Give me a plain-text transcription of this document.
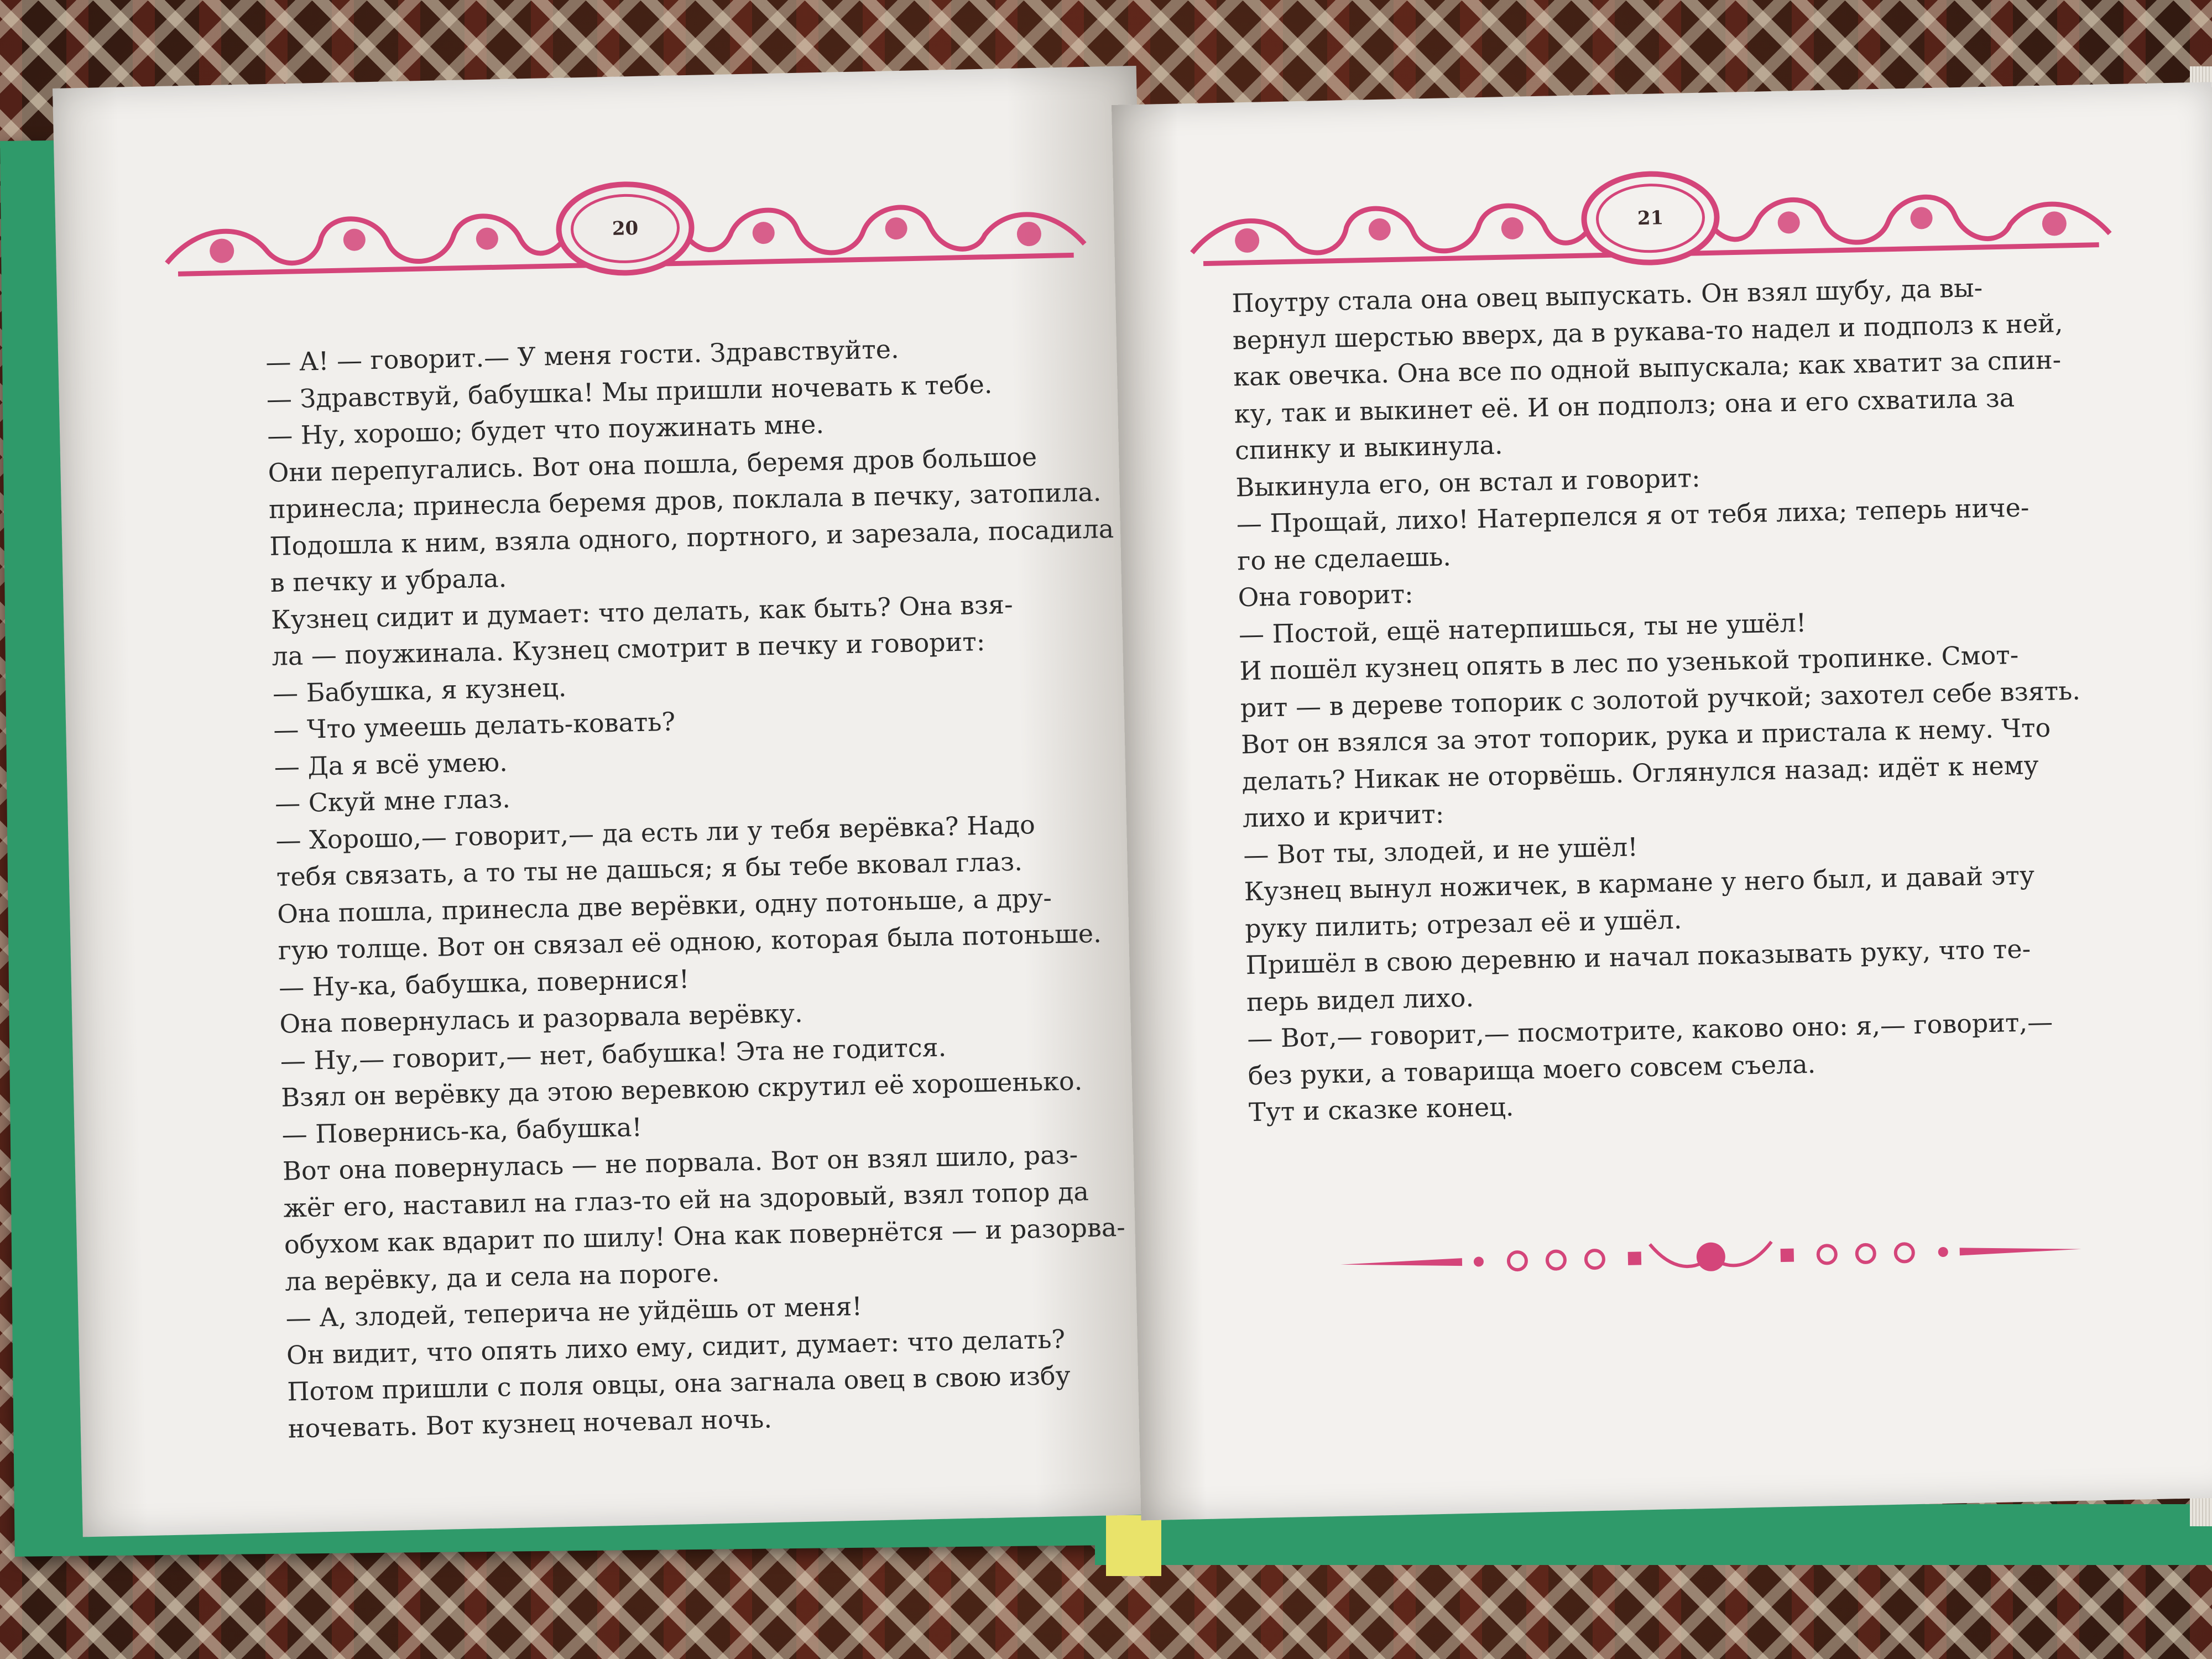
20
— А! — говорит.— У меня гости. Здравствуйте.
— Здравствуй, бабушка! Мы пришли ночевать к тебе.
— Ну, хорошо; будет что поужинать мне.
Они перепугались. Вот она пошла, беремя дров большое
принесла; принесла беремя дров, поклала в печку, затопила.
Подошла к ним, взяла одного, портного, и зарезала, посадила
в печку и убрала.
Кузнец сидит и думает: что делать, как быть? Она взя-
ла — поужинала. Кузнец смотрит в печку и говорит:
— Бабушка, я кузнец.
— Что умеешь делать-ковать?
— Да я всё умею.
— Скуй мне глаз.
— Хорошо,— говорит,— да есть ли у тебя верёвка? Надо
тебя связать, а то ты не дашься; я бы тебе вковал глаз.
Она пошла, принесла две верёвки, одну потоньше, а дру-
гую толще. Вот он связал её одною, которая была потоньше.
— Ну-ка, бабушка, повернися!
Она повернулась и разорвала верёвку.
— Ну,— говорит,— нет, бабушка! Эта не годится.
Взял он верёвку да этою веревкою скрутил её хорошенько.
— Повернись-ка, бабушка!
Вот она повернулась — не порвала. Вот он взял шило, раз-
жёг его, наставил на глаз-то ей на здоровый, взял топор да
обухом как вдарит по шилу! Она как повернётся — и разорва-
ла верёвку, да и села на пороге.
— А, злодей, теперича не уйдёшь от меня!
Он видит, что опять лихо ему, сидит, думает: что делать?
Потом пришли с поля овцы, она загнала овец в свою избу
ночевать. Вот кузнец ночевал ночь.
21
Поутру стала она овец выпускать. Он взял шубу, да вы-
вернул шерстью вверх, да в рукава-то надел и подполз к ней,
как овечка. Она все по одной выпускала; как хватит за спин-
ку, так и выкинет её. И он подполз; она и его схватила за
спинку и выкинула.
Выкинула его, он встал и говорит:
— Прощай, лихо! Натерпелся я от тебя лиха; теперь ниче-
го не сделаешь.
Она говорит:
— Постой, ещё натерпишься, ты не ушёл!
И пошёл кузнец опять в лес по узенькой тропинке. Смот-
рит — в дереве топорик с золотой ручкой; захотел себе взять.
Вот он взялся за этот топорик, рука и пристала к нему. Что
делать? Никак не оторвёшь. Оглянулся назад: идёт к нему
лихо и кричит:
— Вот ты, злодей, и не ушёл!
Кузнец вынул ножичек, в кармане у него был, и давай эту
руку пилить; отрезал её и ушёл.
Пришёл в свою деревню и начал показывать руку, что те-
перь видел лихо.
— Вот,— говорит,— посмотрите, каково оно: я,— говорит,—
без руки, а товарища моего совсем съела.
Тут и сказке конец.
